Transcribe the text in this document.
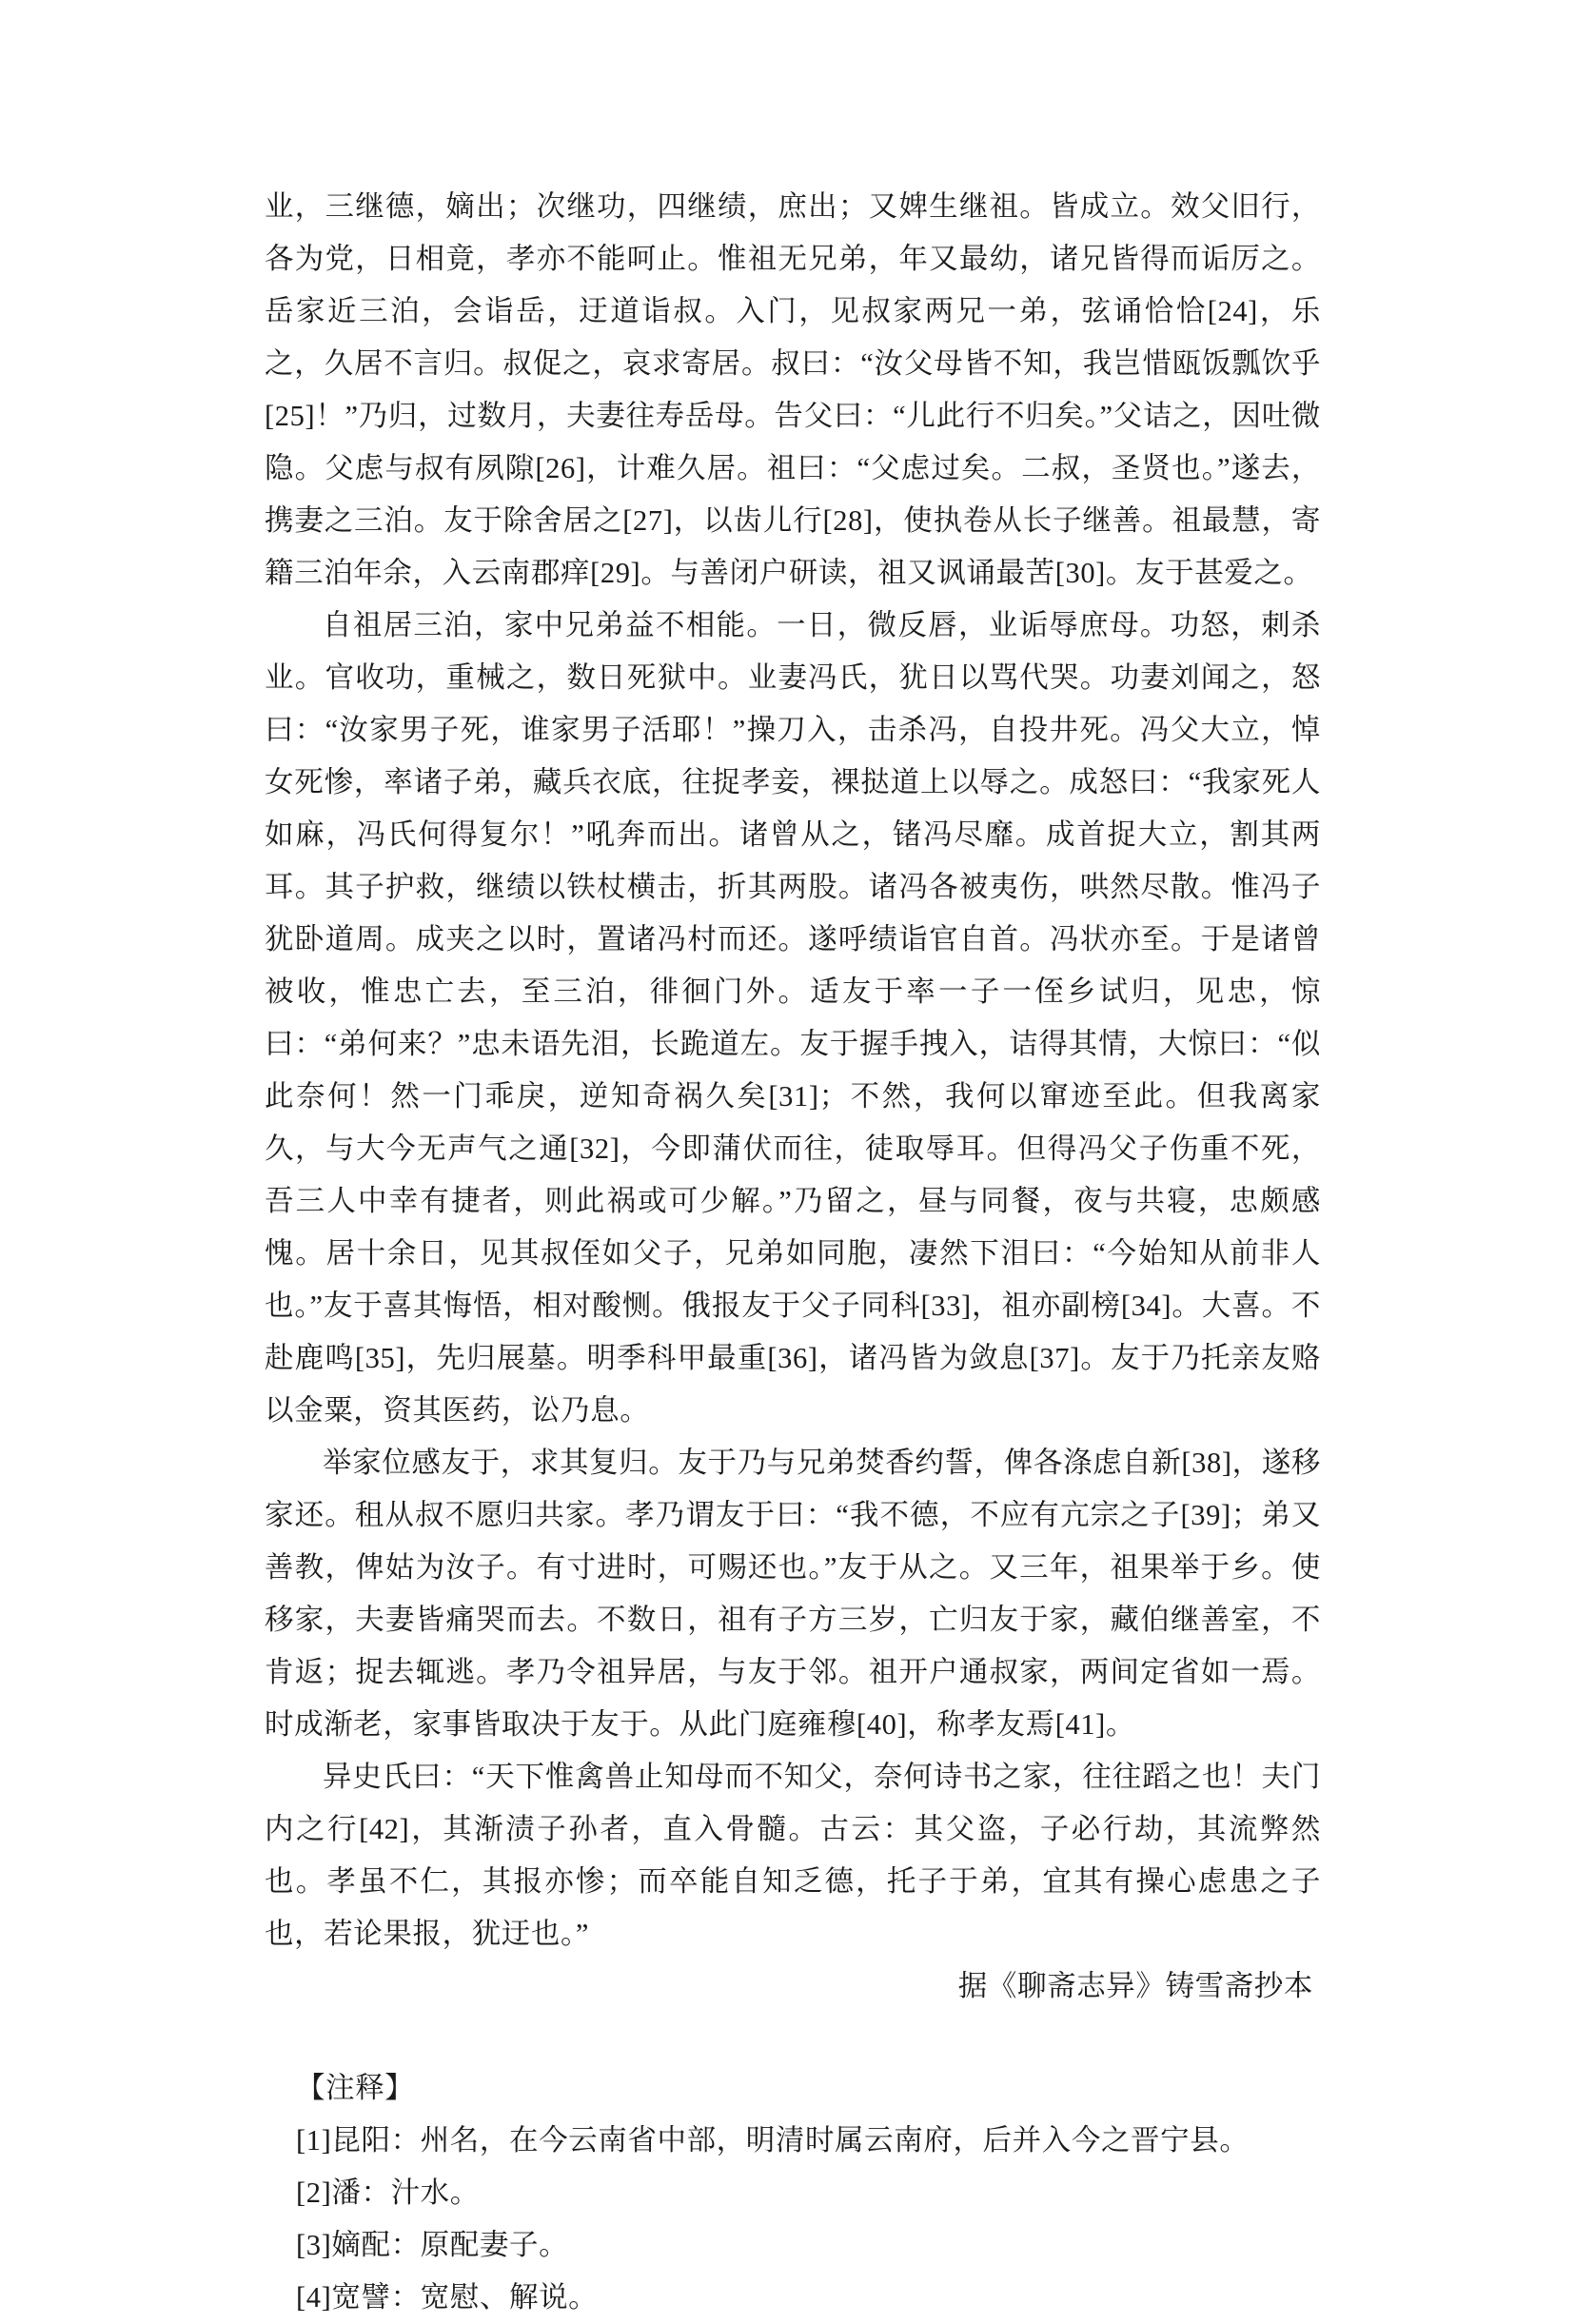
业，三继德，嫡出；次继功，四继绩，庶出；又婢生继祖。皆成立。效父旧行，各为党，日相竟，孝亦不能呵止。惟祖无兄弟，年又最幼，诸兄皆得而诟厉之。岳家近三泊，会诣岳，迂道诣叔。入门，见叔家两兄一弟，弦诵恰恰[24]，乐之，久居不言归。叔促之，哀求寄居。叔曰：“汝父母皆不知，我岂惜瓯饭瓢饮乎[25]！”乃归，过数月，夫妻往寿岳母。告父曰：“儿此行不归矣。”父诘之，因吐微隐。父虑与叔有夙隙[26]，计难久居。祖曰：“父虑过矣。二叔，圣贤也。”遂去，携妻之三泊。友于除舍居之[27]，以齿儿行[28]，使执卷从长子继善。祖最慧，寄籍三泊年余，入云南郡痒[29]。与善闭户研读，祖又讽诵最苦[30]。友于甚爱之。

自祖居三泊，家中兄弟益不相能。一日，微反唇，业诟辱庶母。功怒，刺杀业。官收功，重械之，数日死狱中。业妻冯氏，犹日以骂代哭。功妻刘闻之，怒曰：“汝家男子死，谁家男子活耶！”操刀入，击杀冯，自投井死。冯父大立，悼女死惨，率诸子弟，藏兵衣底，往捉孝妾，裸挞道上以辱之。成怒曰：“我家死人如麻，冯氏何得复尔！”吼奔而出。诸曾从之，锗冯尽靡。成首捉大立，割其两耳。其子护救，继绩以铁杖横击，折其两股。诸冯各被夷伤，哄然尽散。惟冯子犹卧道周。成夹之以时，置诸冯村而还。遂呼绩诣官自首。冯状亦至。于是诸曾被收，惟忠亡去，至三泊，徘徊门外。适友于率一子一侄乡试归，见忠，惊曰：“弟何来？”忠未语先泪，长跪道左。友于握手拽入，诘得其情，大惊曰：“似此奈何！然一门乖戾，逆知奇祸久矣[31]；不然，我何以窜迹至此。但我离家久，与大今无声气之通[32]，今即蒲伏而往，徒取辱耳。但得冯父子伤重不死，吾三人中幸有捷者，则此祸或可少解。”乃留之，昼与同餐，夜与共寝，忠颇感愧。居十余日，见其叔侄如父子，兄弟如同胞，凄然下泪曰：“今始知从前非人也。”友于喜其悔悟，相对酸恻。俄报友于父子同科[33]，祖亦副榜[34]。大喜。不赴鹿鸣[35]，先归展墓。明季科甲最重[36]，诸冯皆为敛息[37]。友于乃托亲友赂以金粟，资其医药，讼乃息。

举家位感友于，求其复归。友于乃与兄弟焚香约誓，俾各涤虑自新[38]，遂移家还。租从叔不愿归共家。孝乃谓友于曰：“我不德，不应有亢宗之子[39]；弟又善教，俾姑为汝子。有寸进时，可赐还也。”友于从之。又三年，祖果举于乡。使移家，夫妻皆痛哭而去。不数日，祖有子方三岁，亡归友于家，藏伯继善室，不肯返；捉去辄逃。孝乃令祖异居，与友于邻。祖开户通叔家，两间定省如一焉。时成渐老，家事皆取决于友于。从此门庭雍穆[40]，称孝友焉[41]。

异史氏曰：“天下惟禽兽止知母而不知父，奈何诗书之家，往往蹈之也！夫门内之行[42]，其渐渍子孙者，直入骨髓。古云：其父盗，子必行劫，其流弊然也。孝虽不仁，其报亦惨；而卒能自知乏德，托子于弟，宜其有操心虑患之子也，若论果报，犹迂也。”

据《聊斋志异》铸雪斋抄本
【注释】
[1]昆阳：州名，在今云南省中部，明清时属云南府，后并入今之晋宁县。
[2]潘：汁水。
[3]嫡配：原配妻子。
[4]宽譬：宽慰、解说。
